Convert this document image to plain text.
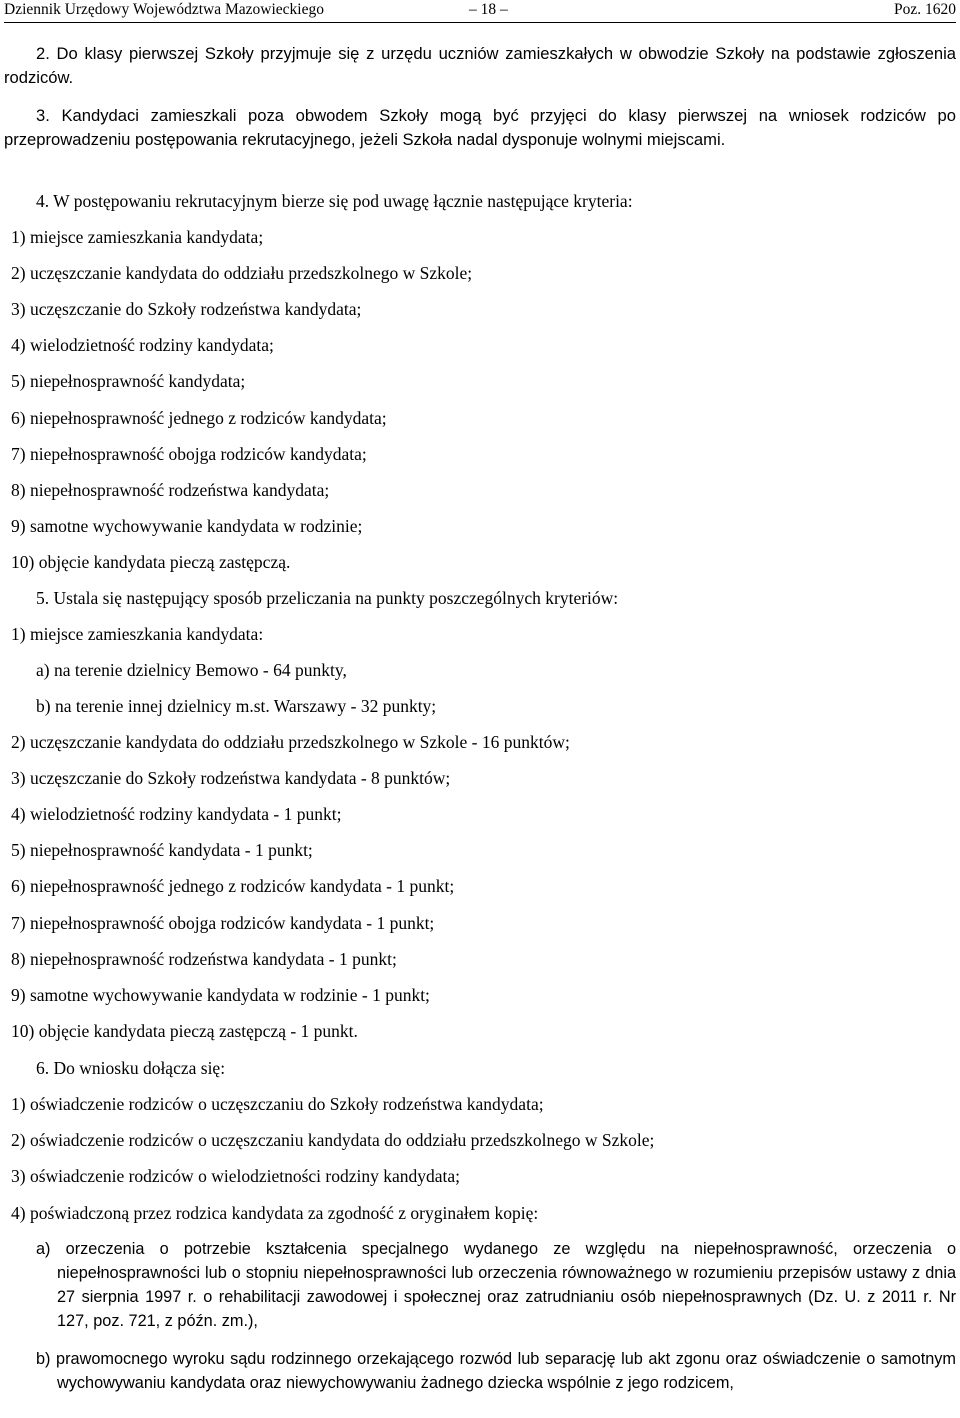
Dziennik Urzędowy Województwa Mazowieckiego	– 18 –	Poz. 1620

2. Do klasy pierwszej Szkoły przyjmuje się z urzędu uczniów zamieszkałych w obwodzie Szkoły na podstawie zgłoszenia rodziców.

3. Kandydaci zamieszkali poza obwodem Szkoły mogą być przyjęci do klasy pierwszej na wniosek rodziców po przeprowadzeniu postępowania rekrutacyjnego, jeżeli Szkoła nadal dysponuje wolnymi miejscami.

4. W postępowaniu rekrutacyjnym bierze się pod uwagę łącznie następujące kryteria:
1) miejsce zamieszkania kandydata;
2) uczęszczanie kandydata do oddziału przedszkolnego w Szkole;
3) uczęszczanie do Szkoły rodzeństwa kandydata;
4) wielodzietność rodziny kandydata;
5) niepełnosprawność kandydata;
6) niepełnosprawność jednego z rodziców kandydata;
7) niepełnosprawność obojga rodziców kandydata;
8) niepełnosprawność rodzeństwa kandydata;
9) samotne wychowywanie kandydata w rodzinie;
10) objęcie kandydata pieczą zastępczą.
5. Ustala się następujący sposób przeliczania na punkty poszczególnych kryteriów:
1) miejsce zamieszkania kandydata:
a) na terenie dzielnicy Bemowo - 64 punkty,
b) na terenie innej dzielnicy m.st. Warszawy - 32 punkty;
2) uczęszczanie kandydata do oddziału przedszkolnego w Szkole - 16 punktów;
3) uczęszczanie do Szkoły rodzeństwa kandydata - 8 punktów;
4) wielodzietność rodziny kandydata - 1 punkt;
5) niepełnosprawność kandydata - 1 punkt;
6) niepełnosprawność jednego z rodziców kandydata - 1 punkt;
7) niepełnosprawność obojga rodziców kandydata - 1 punkt;
8) niepełnosprawność rodzeństwa kandydata - 1 punkt;
9) samotne wychowywanie kandydata w rodzinie - 1 punkt;
10) objęcie kandydata pieczą zastępczą - 1 punkt.
6. Do wniosku dołącza się:
1) oświadczenie rodziców o uczęszczaniu do Szkoły rodzeństwa kandydata;
2) oświadczenie rodziców o uczęszczaniu kandydata do oddziału przedszkolnego w Szkole;
3) oświadczenie rodziców o wielodzietności rodziny kandydata;
4) poświadczoną przez rodzica kandydata za zgodność z oryginałem kopię:

a) orzeczenia o potrzebie kształcenia specjalnego wydanego ze względu na niepełnosprawność, orzeczenia o niepełnosprawności lub o stopniu niepełnosprawności lub orzeczenia równoważnego w rozumieniu przepisów ustawy z dnia 27 sierpnia 1997 r. o rehabilitacji zawodowej i społecznej oraz zatrudnianiu osób niepełnosprawnych (Dz. U. z 2011 r. Nr 127, poz. 721, z późn. zm.),

b) prawomocnego wyroku sądu rodzinnego orzekającego rozwód lub separację lub akt zgonu oraz oświadczenie o samotnym wychowywaniu kandydata oraz niewychowywaniu żadnego dziecka wspólnie z jego rodzicem,
